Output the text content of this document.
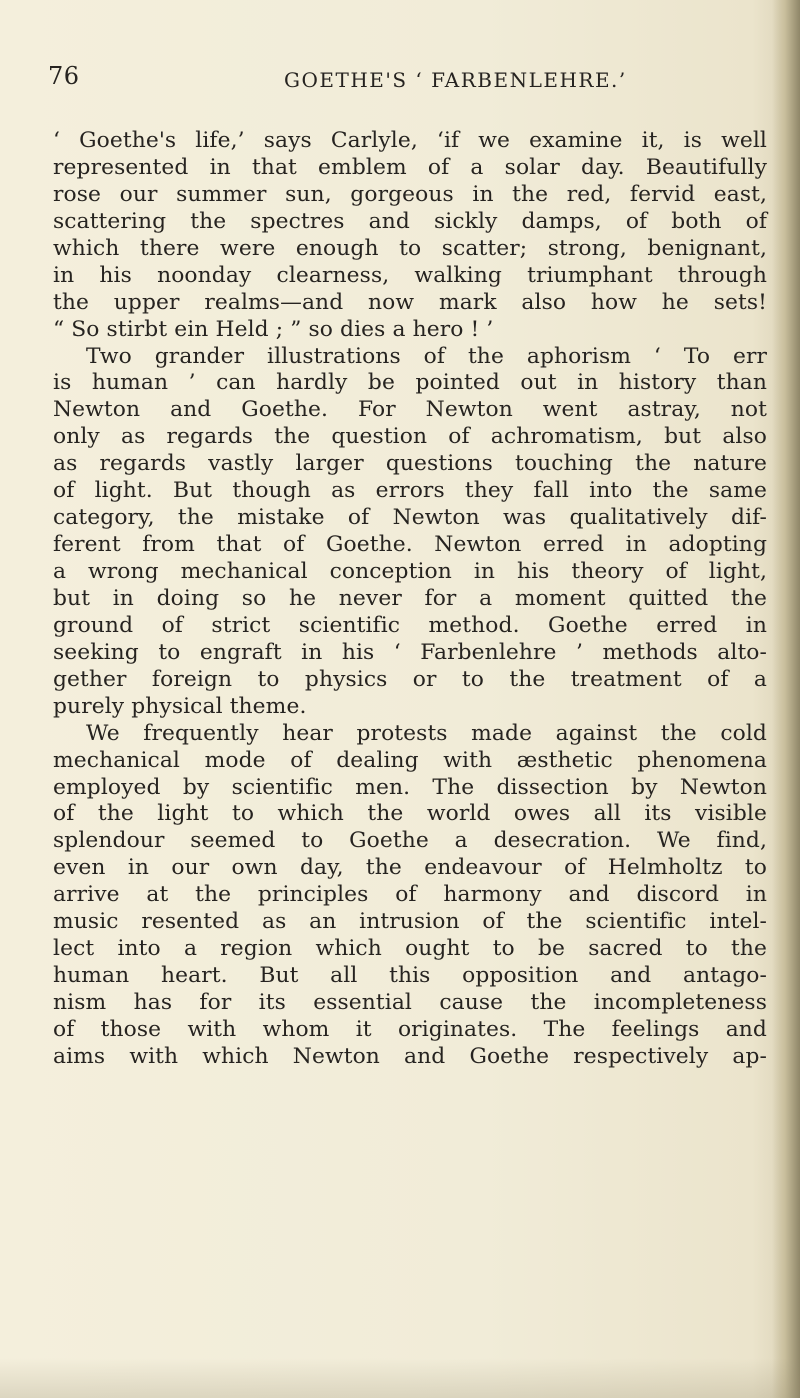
76	GOETHE'S ‘ FARBENLEHRE.’
‘ Goethe's life,’ says Carlyle, ‘if we examine it, is well
represented in that emblem of a solar day. Beautifully
rose our summer sun, gorgeous in the red, fervid east,
scattering the spectres and sickly damps, of both of
which there were enough to scatter; strong, benignant,
in his noonday clearness, walking triumphant through
the upper realms—and now mark also how he sets!
“ So stirbt ein Held ; ” so dies a hero ! ’
Two grander illustrations of the aphorism ‘ To err
is human ’ can hardly be pointed out in history than
Newton and Goethe. For Newton went astray, not
only as regards the question of achromatism, but also
as regards vastly larger questions touching the nature
of light. But though as errors they fall into the same
category, the mistake of Newton was qualitatively dif-
ferent from that of Goethe. Newton erred in adopting
a wrong mechanical conception in his theory of light,
but in doing so he never for a moment quitted the
ground of strict scientific method. Goethe erred in
seeking to engraft in his ‘ Farbenlehre ’ methods alto-
gether foreign to physics or to the treatment of a
purely physical theme.
We frequently hear protests made against the cold
mechanical mode of dealing with æsthetic phenomena
employed by scientific men. The dissection by Newton
of the light to which the world owes all its visible
splendour seemed to Goethe a desecration. We find,
even in our own day, the endeavour of Helmholtz to
arrive at the principles of harmony and discord in
music resented as an intrusion of the scientific intel-
lect into a region which ought to be sacred to the
human heart. But all this opposition and antago-
nism has for its essential cause the incompleteness
of those with whom it originates. The feelings and
aims with which Newton and Goethe respectively ap-
